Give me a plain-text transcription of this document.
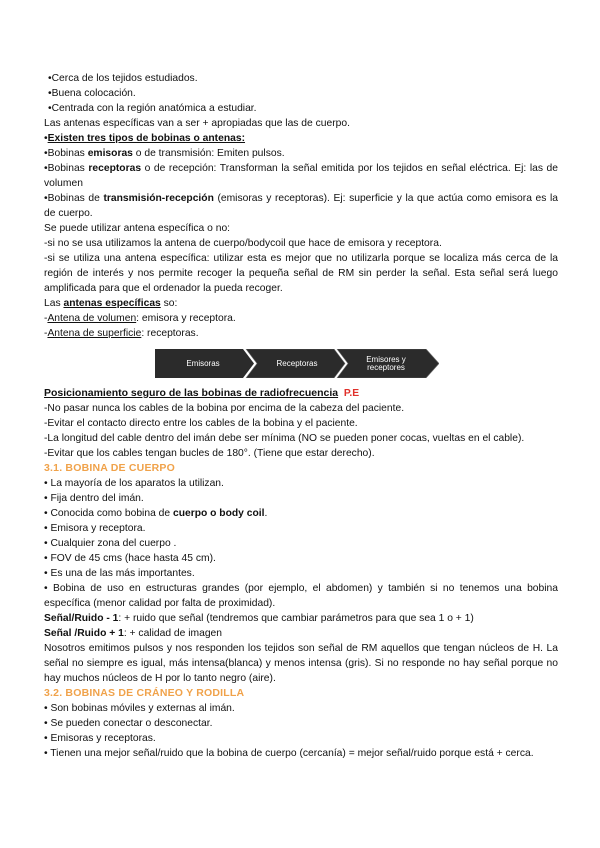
•Cerca de los tejidos estudiados.
•Buena colocación.
•Centrada con la región anatómica a estudiar.
Las antenas específicas van a ser + apropiadas que las de cuerpo.
•Existen tres tipos de bobinas o antenas:
•Bobinas emisoras o de transmisión: Emiten pulsos.
•Bobinas receptoras o de recepción: Transforman la señal emitida por los tejidos en señal eléctrica. Ej: las de volumen
•Bobinas de transmisión-recepción (emisoras y receptoras). Ej: superficie y la que actúa como emisora es la de cuerpo.
Se puede utilizar antena específica o no:
-si no se usa utilizamos la antena de cuerpo/bodycoil que hace de emisora y receptora.
-si se utiliza una antena específica: utilizar esta es mejor que no utilizarla porque se localiza más cerca de la región de interés y nos permite recoger la pequeña señal de RM sin perder la señal. Esta señal será luego amplificada para que el ordenador la pueda recoger.
Las antenas específicas so:
-Antena de volumen: emisora y receptora.
-Antena de superficie: receptoras.
Emisoras	Receptoras	Emisores y receptores
Posicionamiento seguro de las bobinas de radiofrecuencia P.E
-No pasar nunca los cables de la bobina por encima de la cabeza del paciente.
-Evitar el contacto directo entre los cables de la bobina y el paciente.
-La longitud del cable dentro del imán debe ser mínima (NO se pueden poner cocas, vueltas en el cable).
-Evitar que los cables tengan bucles de 180°. (Tiene que estar derecho).
3.1. BOBINA DE CUERPO
• La mayoría de los aparatos la utilizan.
• Fija dentro del imán.
• Conocida como bobina de cuerpo o body coil.
• Emisora y receptora.
• Cualquier zona del cuerpo .
• FOV de 45 cms (hace hasta 45 cm).
• Es una de las más importantes.
• Bobina de uso en estructuras grandes (por ejemplo, el abdomen) y también si no tenemos una bobina específica (menor calidad por falta de proximidad).
Señal/Ruido - 1: + ruido que señal (tendremos que cambiar parámetros para que sea 1 o + 1)
Señal /Ruido + 1: + calidad de imagen
Nosotros emitimos pulsos y nos responden los tejidos son señal de RM aquellos que tengan núcleos de H. La señal no siempre es igual, más intensa(blanca) y menos intensa (gris). Si no responde no hay señal porque no hay muchos núcleos de H por lo tanto negro (aire).
3.2. BOBINAS DE CRÁNEO Y RODILLA
• Son bobinas móviles y externas al imán.
• Se pueden conectar o desconectar.
• Emisoras y receptoras.
• Tienen una mejor señal/ruido que la bobina de cuerpo (cercanía) = mejor señal/ruido porque está + cerca.
